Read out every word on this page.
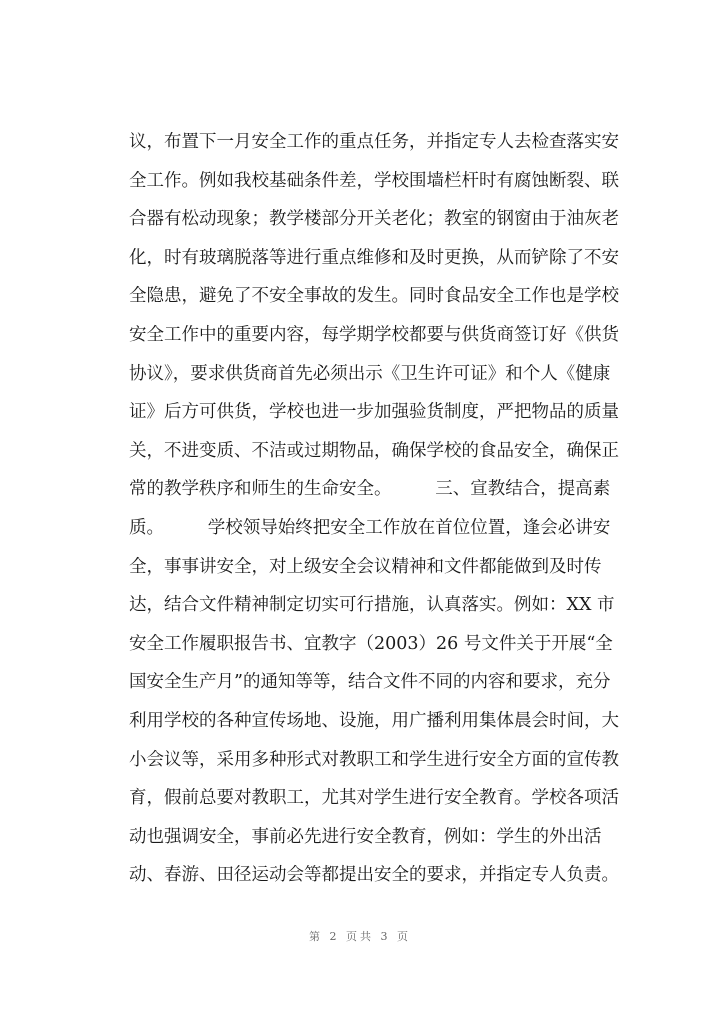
议，布置下一月安全工作的重点任务，并指定专人去检查落实安
全工作。例如我校基础条件差，学校围墙栏杆时有腐蚀断裂、联
合器有松动现象；教学楼部分开关老化；教室的钢窗由于油灰老
化，时有玻璃脱落等进行重点维修和及时更换，从而铲除了不安
全隐患，避免了不安全事故的发生。同时食品安全工作也是学校
安全工作中的重要内容，每学期学校都要与供货商签订好《供货
协议》，要求供货商首先必须出示《卫生许可证》和个人《健康
证》后方可供货，学校也进一步加强验货制度，严把物品的质量
关，不进变质、不洁或过期物品，确保学校的食品安全，确保正
常的教学秩序和师生的生命安全。　　　三、宣教结合，提高素
质。　　　学校领导始终把安全工作放在首位位置，逢会必讲安
全，事事讲安全，对上级安全会议精神和文件都能做到及时传
达，结合文件精神制定切实可行措施，认真落实。例如：XX 市
安全工作履职报告书、宜教字（2003）26 号文件关于开展“全
国安全生产月”的通知等等，结合文件不同的内容和要求，充分
利用学校的各种宣传场地、设施，用广播利用集体晨会时间，大
小会议等，采用多种形式对教职工和学生进行安全方面的宣传教
育，假前总要对教职工，尤其对学生进行安全教育。学校各项活
动也强调安全，事前必先进行安全教育，例如：学生的外出活
动、春游、田径运动会等都提出安全的要求，并指定专人负责。
第 2 页共 3 页
